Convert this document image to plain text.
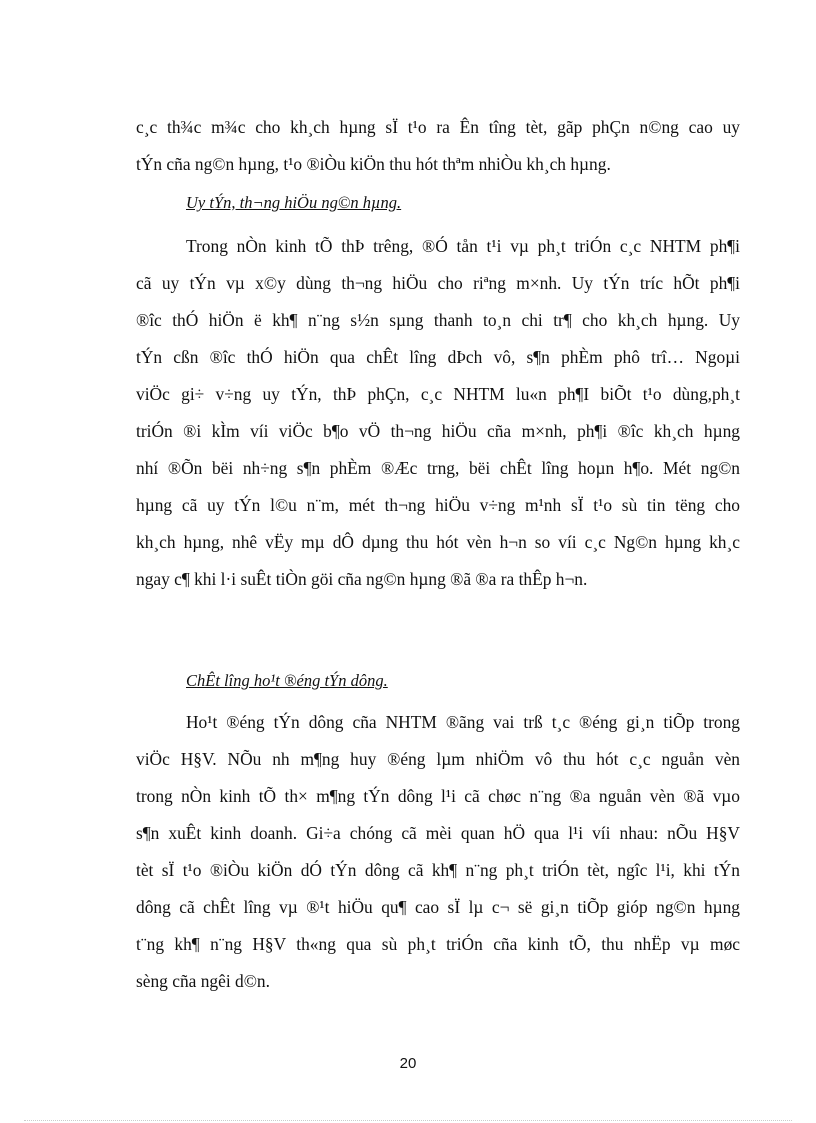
c¸c th¾c m¾c cho kh¸ch hµng sÏ t¹o ra Ên tîng tèt, gãp phÇn n©ng cao uy
tÝn cña ng©n hµng, t¹o ®iÒu kiÖn thu hót thªm nhiÒu kh¸ch hµng.
Uy tÝn, th¬ng hiÖu ng©n hµng.
Trong nÒn kinh tÕ thÞ trêng, ®Ó tån t¹i vµ ph¸t triÓn c¸c NHTM ph¶i
cã uy tÝn vµ x©y dùng th¬ng hiÖu cho riªng m×nh. Uy tÝn tríc hÕt ph¶i
®îc thÓ hiÖn ë kh¶ n¨ng s½n sµng thanh to¸n chi tr¶ cho kh¸ch hµng. Uy
tÝn cßn ®îc thÓ hiÖn qua chÊt lîng dÞch vô, s¶n phÈm phô trî… Ngoµi
viÖc gi÷ v÷ng uy tÝn, thÞ phÇn, c¸c NHTM lu«n ph¶I biÕt t¹o dùng,ph¸t
triÓn ®i kÌm víi viÖc b¶o vÖ th¬ng hiÖu cña m×nh, ph¶i ®îc kh¸ch hµng
nhí ®Õn bëi nh÷ng s¶n phÈm ®Æc trng, bëi chÊt lîng hoµn h¶o. Mét ng©n
hµng cã uy tÝn l©u n¨m, mét th¬ng hiÖu v÷ng m¹nh sÏ t¹o sù tin tëng cho
kh¸ch hµng, nhê vËy mµ dÔ dµng thu hót vèn h¬n so víi c¸c Ng©n hµng kh¸c
ngay c¶ khi l·i suÊt tiÒn göi cña ng©n hµng ®ã ®a ra thÊp h¬n.
ChÊt lîng ho¹t ®éng tÝn dông.
Ho¹t ®éng tÝn dông cña NHTM ®ãng vai trß t¸c ®éng gi¸n tiÕp trong
viÖc H§V. NÕu nh m¶ng huy ®éng lµm nhiÖm vô thu hót c¸c nguån vèn
trong nÒn kinh tÕ th× m¶ng tÝn dông l¹i cã chøc n¨ng ®a nguån vèn ®ã vµo
s¶n xuÊt kinh doanh. Gi÷a chóng cã mèi quan hÖ qua l¹i víi nhau: nÕu H§V
tèt sÏ t¹o ®iÒu kiÖn dÓ tÝn dông cã kh¶ n¨ng ph¸t triÓn tèt, ngîc l¹i, khi tÝn
dông cã chÊt lîng vµ ®¹t hiÖu qu¶ cao sÏ lµ c¬ së gi¸n tiÕp gióp ng©n hµng
t¨ng kh¶ n¨ng H§V th«ng qua sù ph¸t triÓn cña kinh tÕ, thu nhËp vµ møc
sèng cña ngêi d©n.
20
